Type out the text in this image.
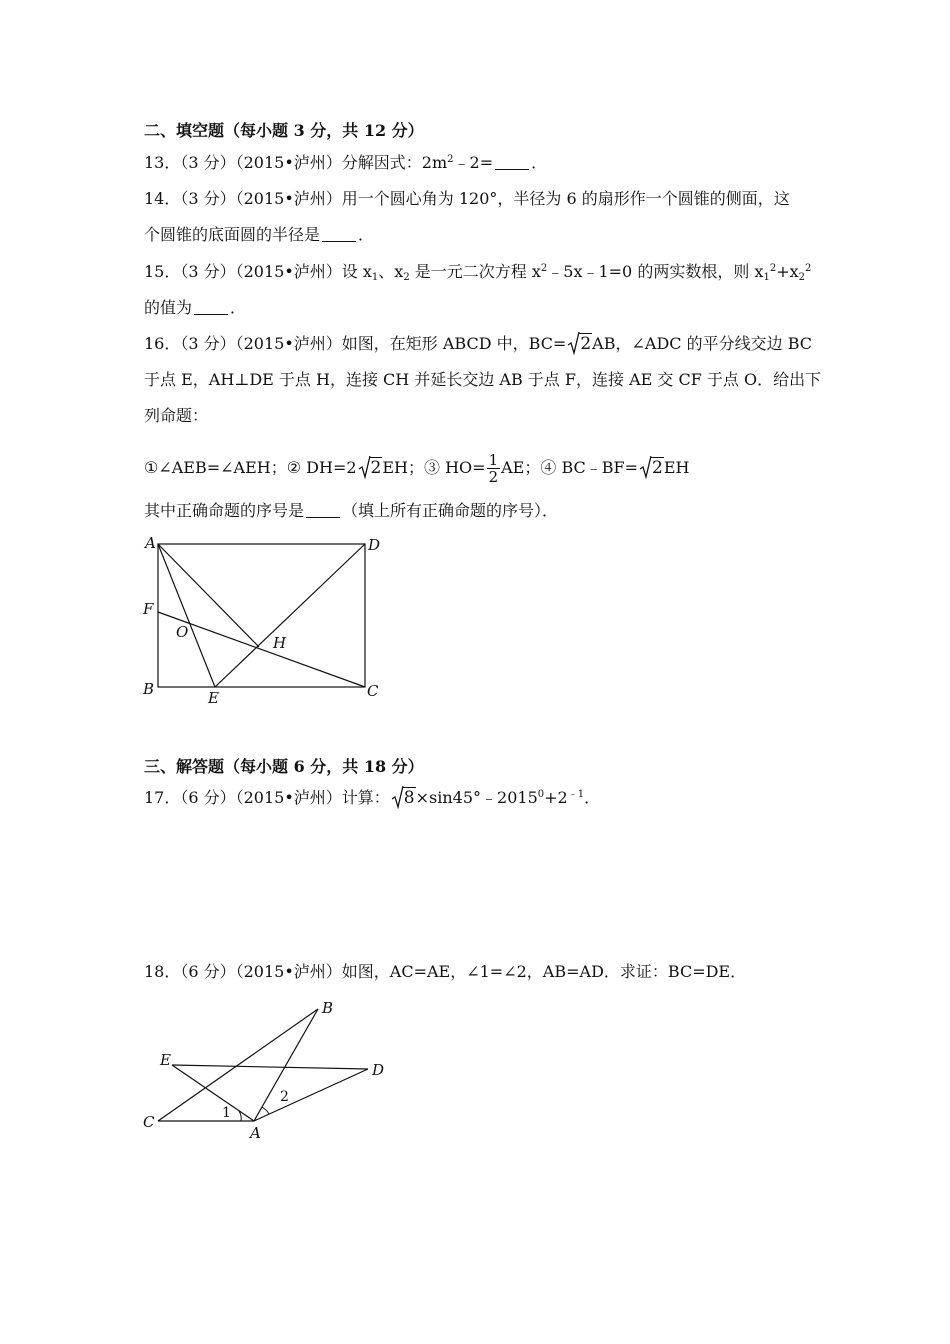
二、填空题（每小题 3 分，共 12 分）
13．（3 分）（2015•泸州）分解因式：$2m^2﹣2=$ ．
14．（3 分）（2015•泸州）用一个圆心角为 120°，半径为 6 的扇形作一个圆锥的侧面，这
个圆锥的底面圆的半径是 ．
15．（3 分）（2015•泸州）设 $x_1$、$x_2$ 是一元二次方程 $x^2﹣5x﹣1=0$ 的两实数根，则 $x_1^2+x_2^2$
的值为 ．
16．（3 分）（2015•泸州）如图，在矩形 ABCD 中，BC= 2AB，∠ADC 的平分线交边 BC
于点 E，AH⊥DE 于点 H，连接 CH 并延长交边 AB 于点 F，连接 AE 交 CF 于点 O．给出下
列命题：
①∠AEB=∠AEH；② DH=2 2EH；③ $HO= \frac{1}{2}$ AE；④ BC﹣BF= 2EH
其中正确命题的序号是 （填上所有正确命题的序号）．
A	D
F
O
H
B	E	C
三、解答题（每小题 6 分，共 18 分）
17．（6 分）（2015•泸州）计算： $8\times\sin 45^\circ﹣2015^0+2^{﹣1}$．
18．（6 分）（2015•泸州）如图，AC=AE，∠1=∠2，AB=AD．求证：BC=DE．
B
E
D
C
A
1
2
